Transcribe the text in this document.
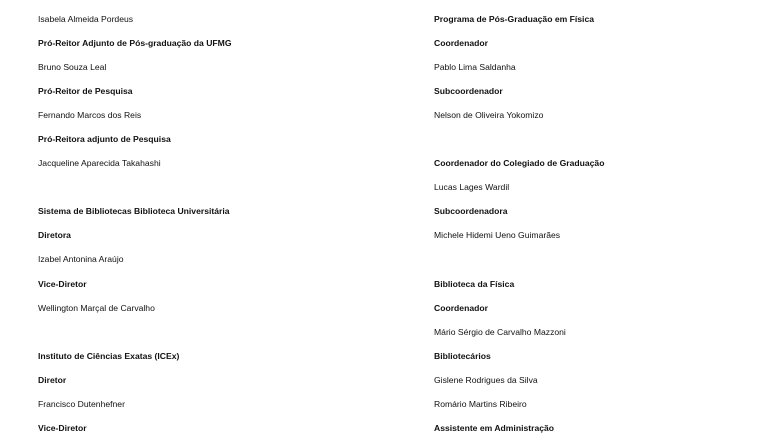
Isabela Almeida Pordeus
Pró-Reitor Adjunto de Pós-graduação da UFMG
Bruno Souza Leal
Pró-Reitor de Pesquisa
Fernando Marcos dos Reis
Pró-Reitora adjunto de Pesquisa
Jacqueline Aparecida Takahashi
Sistema de Bibliotecas Biblioteca Universitária
Diretora
Izabel Antonina Araújo
Vice-Diretor
Wellington Marçal de Carvalho
Instituto de Ciências Exatas (ICEx)
Diretor
Francisco Dutenhefner
Vice-Diretor
Programa de Pós-Graduação em Física
Coordenador
Pablo Lima Saldanha
Subcoordenador
Nelson de Oliveira Yokomizo
Coordenador do Colegiado de Graduação
Lucas Lages Wardil
Subcoordenadora
Michele Hidemi Ueno Guimarães
Biblioteca da Física
Coordenador
Mário Sérgio de Carvalho Mazzoni
Bibliotecários
Gislene Rodrigues da Silva
Romário Martins Ribeiro
Assistente em Administração
